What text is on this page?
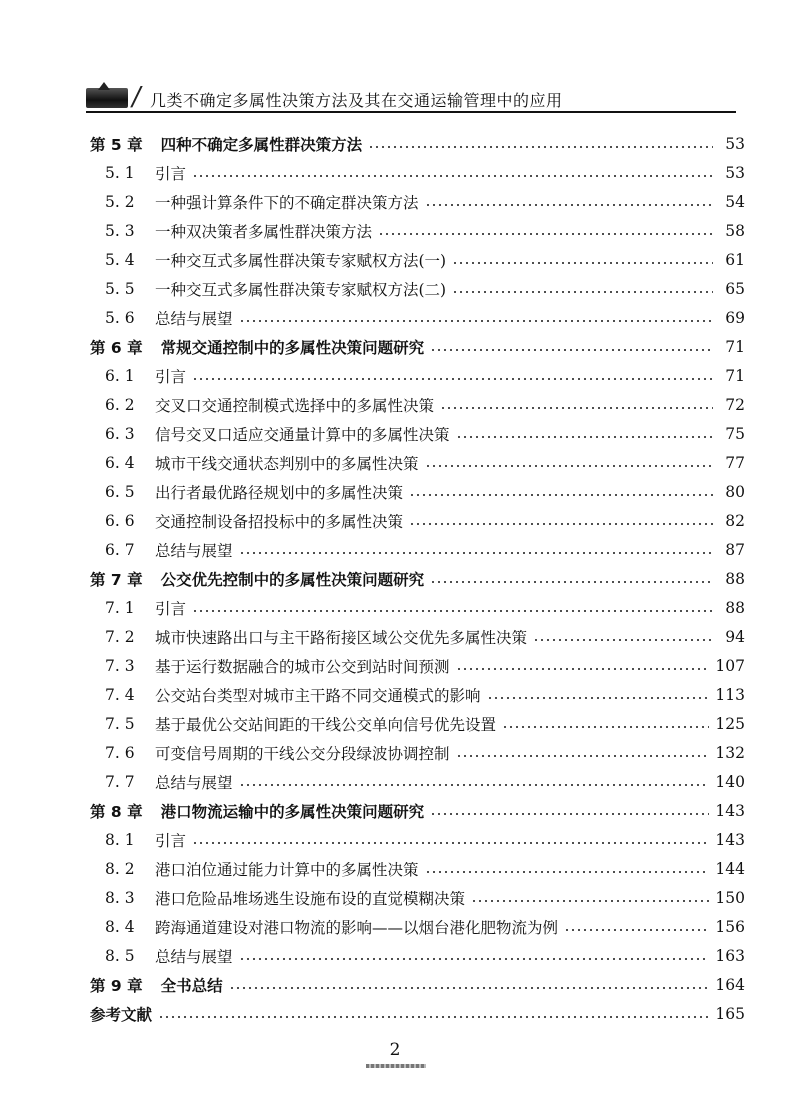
/ 几类不确定多属性决策方法及其在交通运输管理中的应用
第 5 章 四种不确定多属性群决策方法	53
5. 1	引言	53
5. 2	一种强计算条件下的不确定群决策方法	54
5. 3	一种双决策者多属性群决策方法	58
5. 4	一种交互式多属性群决策专家赋权方法(一)	61
5. 5	一种交互式多属性群决策专家赋权方法(二)	65
5. 6	总结与展望	69
第 6 章 常规交通控制中的多属性决策问题研究	71
6. 1	引言	71
6. 2	交叉口交通控制模式选择中的多属性决策	72
6. 3	信号交叉口适应交通量计算中的多属性决策	75
6. 4	城市干线交通状态判别中的多属性决策	77
6. 5	出行者最优路径规划中的多属性决策	80
6. 6	交通控制设备招投标中的多属性决策	82
6. 7	总结与展望	87
第 7 章 公交优先控制中的多属性决策问题研究	88
7. 1	引言	88
7. 2	城市快速路出口与主干路衔接区域公交优先多属性决策	94
7. 3	基于运行数据融合的城市公交到站时间预测	107
7. 4	公交站台类型对城市主干路不同交通模式的影响	113
7. 5	基于最优公交站间距的干线公交单向信号优先设置	125
7. 6	可变信号周期的干线公交分段绿波协调控制	132
7. 7	总结与展望	140
第 8 章 港口物流运输中的多属性决策问题研究	143
8. 1	引言	143
8. 2	港口泊位通过能力计算中的多属性决策	144
8. 3	港口危险品堆场逃生设施布设的直觉模糊决策	150
8. 4	跨海通道建设对港口物流的影响——以烟台港化肥物流为例	156
8. 5	总结与展望	163
第 9 章 全书总结	164
参考文献	165
2
